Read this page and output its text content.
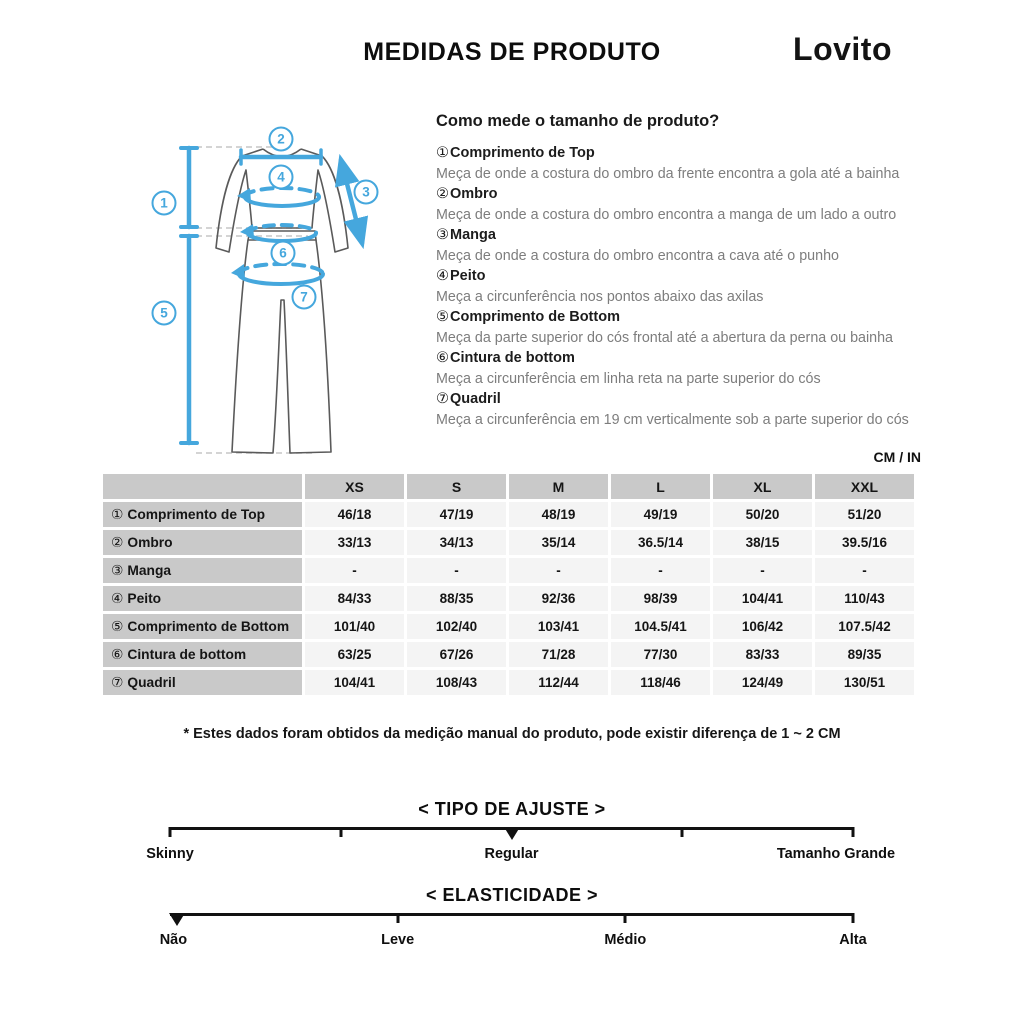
MEDIDAS DE PRODUTO	Lovito
1
2
3
4
5
6
7
Como mede o tamanho de produto?
①Comprimento de Top
Meça de onde a costura do ombro da frente encontra a gola até a bainha
②Ombro
Meça de onde a costura do ombro encontra a manga de um lado a outro
③Manga
Meça de onde a costura do ombro encontra a cava até o punho
④Peito
Meça a circunferência nos pontos abaixo das axilas
⑤Comprimento de Bottom
Meça da parte superior do cós frontal até a abertura da perna ou bainha
⑥Cintura de bottom
Meça a circunferência em linha reta na parte superior do cós
⑦Quadril
Meça a circunferência em 19 cm verticalmente sob a parte superior do cós
CM / IN
	XS	S	M	L	XL	XXL
① Comprimento de Top	46/18	47/19	48/19	49/19	50/20	51/20
② Ombro	33/13	34/13	35/14	36.5/14	38/15	39.5/16
③ Manga	-	-	-	-	-	-
④ Peito	84/33	88/35	92/36	98/39	104/41	110/43
⑤ Comprimento de Bottom	101/40	102/40	103/41	104.5/41	106/42	107.5/42
⑥ Cintura de bottom	63/25	67/26	71/28	77/30	83/33	89/35
⑦ Quadril	104/41	108/43	112/44	118/46	124/49	130/51
* Estes dados foram obtidos da medição manual do produto, pode existir diferença de 1 ~ 2 CM
< TIPO DE AJUSTE >
Skinny	Regular	Tamanho Grande
< ELASTICIDADE >
Não	Leve	Médio	Alta
